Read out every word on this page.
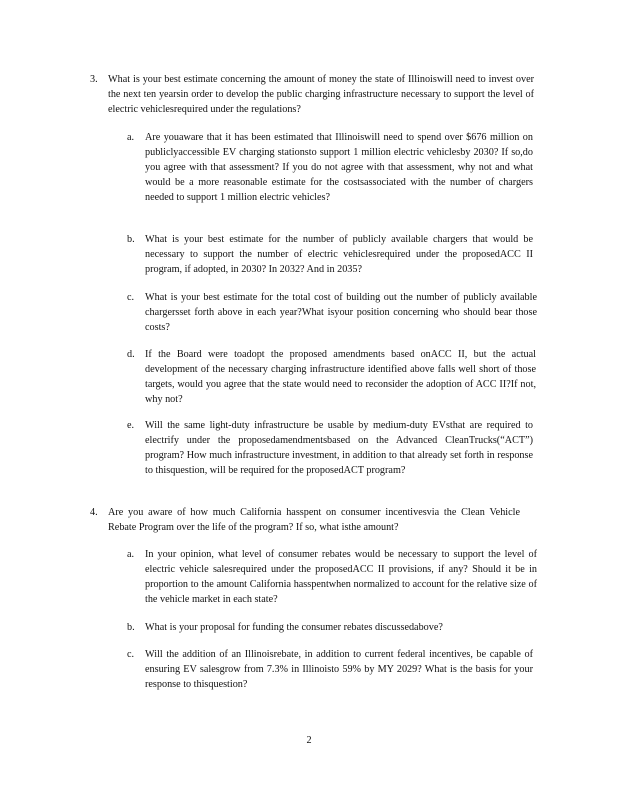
3. What is your best estimate concerning the amount of money the state of Illinoiswill need to invest over the next ten yearsin order to develop the public charging infrastructure necessary to support the level of electric vehiclesrequired under the regulations?
a. Are youaware that it has been estimated that Illinoiswill need to spend over $676 million on publiclyaccessible EV charging stationsto support 1 million electric vehiclesby 2030? If so,do you agree with that assessment? If you do not agree with that assessment, why not and what would be a more reasonable estimate for the costsassociated with the number of chargers needed to support 1 million electric vehicles?
b. What is your best estimate for the number of publicly available chargers that would be necessary to support the number of electric vehiclesrequired under the proposedACC II program, if adopted, in 2030? In 2032? And in 2035?
c. What is your best estimate for the total cost of building out the number of publicly available chargersset forth above in each year?What isyour position concerning who should bear those costs?
d. If the Board were toadopt the proposed amendments based onACC II, but the actual development of the necessary charging infrastructure identified above falls well short of those targets, would you agree that the state would need to reconsider the adoption of ACC II?If not, why not?
e. Will the same light-duty infrastructure be usable by medium-duty EVsthat are required to electrify under the proposedamendmentsbased on the Advanced CleanTrucks(“ACT”) program? How much infrastructure investment, in addition to that already set forth in response to thisquestion, will be required for the proposedACT program?
4. Are you aware of how much California hasspent on consumer incentivesvia the Clean Vehicle Rebate Program over the life of the program? If so, what isthe amount?
a. In your opinion, what level of consumer rebates would be necessary to support the level of electric vehicle salesrequired under the proposedACC II provisions, if any? Should it be in proportion to the amount California hasspentwhen normalized to account for the relative size of the vehicle market in each state?
b. What is your proposal for funding the consumer rebates discussedabove?
c. Will the addition of an Illinoisrebate, in addition to current federal incentives, be capable of ensuring EV salesgrow from 7.3% in Illinoisto 59% by MY 2029? What is the basis for your response to thisquestion?
2
